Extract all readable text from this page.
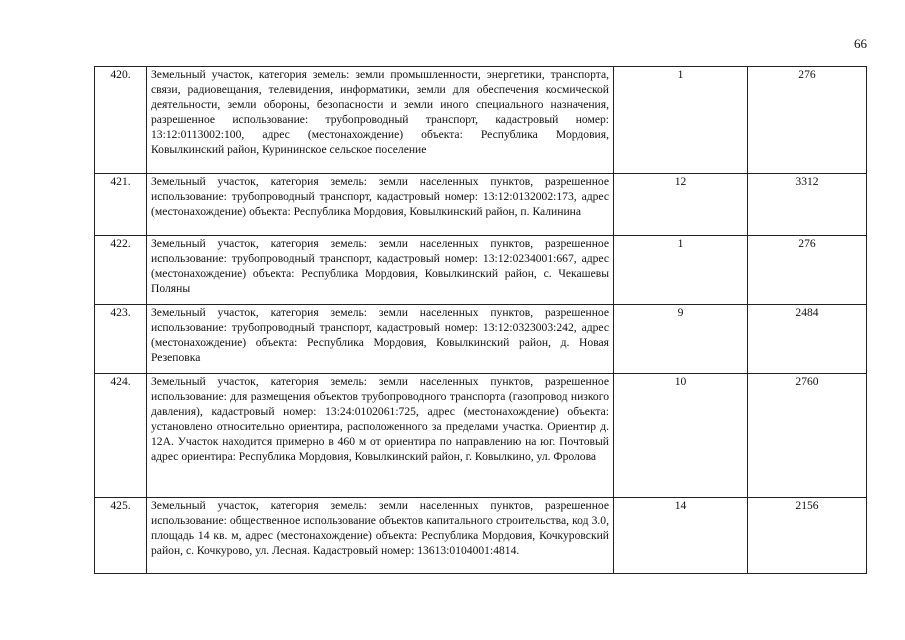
66
420.	Земельный участок, категория земель: земли промышленности, энергетики, транспорта, связи, радиовещания, телевидения, информатики, земли для обеспечения космической деятельности, земли обороны, безопасности и земли иного специального назначения, разрешенное использование: трубопроводный транспорт, кадастровый номер: 13:12:0113002:100, адрес (местонахождение) объекта: Республика Мордовия, Ковылкинский район, Курининское сельское поселение	1	276
421.	Земельный участок, категория земель: земли населенных пунктов, разрешенное использование: трубопроводный транспорт, кадастровый номер: 13:12:0132002:173, адрес (местонахождение) объекта: Республика Мордовия, Ковылкинский район, п. Калинина	12	3312
422.	Земельный участок, категория земель: земли населенных пунктов, разрешенное использование: трубопроводный транспорт, кадастровый номер: 13:12:0234001:667, адрес (местонахождение) объекта: Республика Мордовия, Ковылкинский район, с. Чекашевы Поляны	1	276
423.	Земельный участок, категория земель: земли населенных пунктов, разрешенное использование: трубопроводный транспорт, кадастровый номер: 13:12:0323003:242, адрес (местонахождение) объекта: Республика Мордовия, Ковылкинский район, д. Новая Резеповка	9	2484
424.	Земельный участок, категория земель: земли населенных пунктов, разрешенное использование: для размещения объектов трубопроводного транспорта (газопровод низкого давления), кадастровый номер: 13:24:0102061:725, адрес (местонахождение) объекта: установлено относительно ориентира, расположенного за пределами участка. Ориентир д. 12А. Участок находится примерно в 460 м от ориентира по направлению на юг. Почтовый адрес ориентира: Республика Мордовия, Ковылкинский район, г. Ковылкино, ул. Фролова	10	2760
425.	Земельный участок, категория земель: земли населенных пунктов, разрешенное использование: общественное использование объектов капитального строительства, код 3.0, площадь 14 кв. м, адрес (местонахождение) объекта: Республика Мордовия, Кочкуровский район, с. Кочкурово, ул. Лесная. Кадастровый номер: 13613:0104001:4814.	14	2156
